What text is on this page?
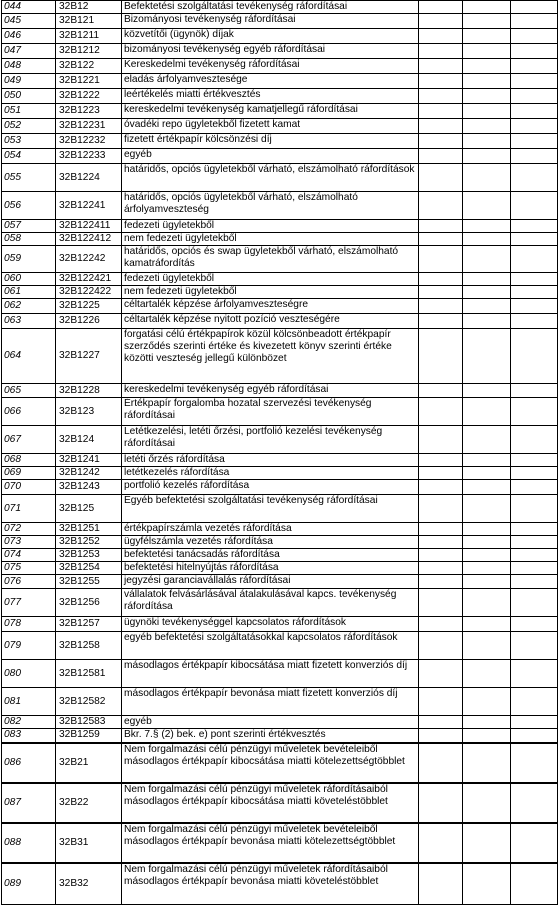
044	32B12	Befektetési szolgáltatási tevékenység ráfordításai			
045	32B121	Bizományosi tevékenység ráfordításai			
046	32B1211	közvetítői (ügynök) díjak			
047	32B1212	bizományosi tevékenység egyéb ráfordításai			
048	32B122	Kereskedelmi tevékenység ráfordításai			
049	32B1221	eladás árfolyamvesztesége			
050	32B1222	leértékelés miatti értékvesztés			
051	32B1223	kereskedelmi tevékenység kamatjellegű ráfordításai			
052	32B12231	óvadéki repo ügyletekből fizetett kamat			
053	32B12232	fizetett értékpapír kölcsönzési díj			
054	32B12233	egyéb			
055	32B1224	határidős, opciós ügyletekből várható, elszámolható ráfordítások			
056	32B12241	határidős, opciós ügyletekből várható, elszámolható árfolyamveszteség			
057	32B122411	fedezeti ügyletekből			
058	32B122412	nem fedezeti ügyletekből			
059	32B12242	határidős, opciós és swap ügyletekből várható, elszámolható kamatráfordítás			
060	32B122421	fedezeti ügyletekből			
061	32B122422	nem fedezeti ügyletekből			
062	32B1225	céltartalék képzése árfolyamveszteségre			
063	32B1226	céltartalék képzése nyitott pozíció veszteségére			
064	32B1227	forgatási célú értékpapírok közül kölcsönbeadott értékpapír szerződés szerinti értéke és kivezetett könyv szerinti értéke közötti veszteség jellegű különbözet			
065	32B1228	kereskedelmi tevékenység egyéb ráfordításai			
066	32B123	Értékpapír forgalomba hozatal szervezési tevékenység ráfordításai			
067	32B124	Letétkezelési, letéti őrzési, portfolió kezelési tevékenység ráfordításai			
068	32B1241	letéti őrzés ráfordítása			
069	32B1242	letétkezelés ráfordítása			
070	32B1243	portfolió kezelés ráfordítása			
071	32B125	Egyéb befektetési szolgáltatási tevékenység ráfordításai			
072	32B1251	értékpapírszámla vezetés ráfordítása			
073	32B1252	ügyfélszámla vezetés ráfordítása			
074	32B1253	befektetési tanácsadás ráfordítása			
075	32B1254	befektetési hitelnyújtás ráfordítása			
076	32B1255	jegyzési garanciavállalás ráfordításai			
077	32B1256	vállalatok felvásárlásával átalakulásával kapcs. tevékenység ráfordítása			
078	32B1257	ügynöki tevékenységgel kapcsolatos ráfordítások			
079	32B1258	egyéb befektetési szolgáltatásokkal kapcsolatos ráfordítások			
080	32B12581	másodlagos értékpapír kibocsátása miatt fizetett konverziós díj			
081	32B12582	másodlagos értékpapír bevonása miatt fizetett konverziós díj			
082	32B12583	egyéb			
083	32B1259	Bkr. 7.§ (2) bek. e) pont szerinti értékvesztés			
086	32B21	Nem forgalmazási célú pénzügyi műveletek bevételeiből másodlagos értékpapír kibocsátása miatti kötelezettségtöbblet			
087	32B22	Nem forgalmazási célú pénzügyi műveletek ráfordításaiból másodlagos értékpapír kibocsátása miatti követeléstöbblet			
088	32B31	Nem forgalmazási célú pénzügyi műveletek bevételeiből másodlagos értékpapír bevonása miatti kötelezettségtöbblet			
089	32B32	Nem forgalmazási célú pénzügyi műveletek ráfordításaiból másodlagos értékpapír bevonása miatti követeléstöbblet			
